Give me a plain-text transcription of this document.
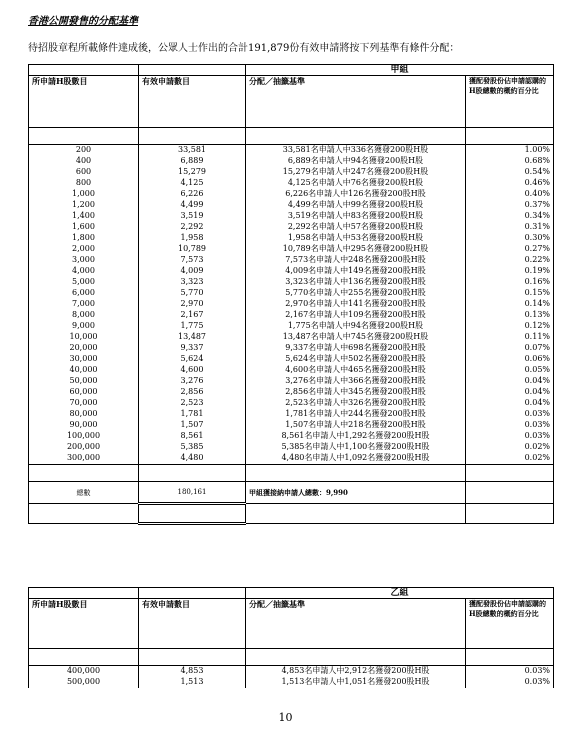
香港公開發售的分配基準
待招股章程所載條件達成後，公眾人士作出的合計191,879份有效申請將按下列基準有條件分配：
		甲組	
所申請H股數目	有效申請數目	分配／抽籤基準	獲配發股份佔申請認購的H股總數的概約百分比

200	33,581	33,581名申請人中336名獲發200股H股	1.00%
400	6,889	6,889名申請人中94名獲發200股H股	0.68%
600	15,279	15,279名申請人中247名獲發200股H股	0.54%
800	4,125	4,125名申請人中76名獲發200股H股	0.46%
1,000	6,226	6,226名申請人中126名獲發200股H股	0.40%
1,200	4,499	4,499名申請人中99名獲發200股H股	0.37%
1,400	3,519	3,519名申請人中83名獲發200股H股	0.34%
1,600	2,292	2,292名申請人中57名獲發200股H股	0.31%
1,800	1,958	1,958名申請人中53名獲發200股H股	0.30%
2,000	10,789	10,789名申請人中295名獲發200股H股	0.27%
3,000	7,573	7,573名申請人中248名獲發200股H股	0.22%
4,000	4,009	4,009名申請人中149名獲發200股H股	0.19%
5,000	3,323	3,323名申請人中136名獲發200股H股	0.16%
6,000	5,770	5,770名申請人中255名獲發200股H股	0.15%
7,000	2,970	2,970名申請人中141名獲發200股H股	0.14%
8,000	2,167	2,167名申請人中109名獲發200股H股	0.13%
9,000	1,775	1,775名申請人中94名獲發200股H股	0.12%
10,000	13,487	13,487名申請人中745名獲發200股H股	0.11%
20,000	9,337	9,337名申請人中698名獲發200股H股	0.07%
30,000	5,624	5,624名申請人中502名獲發200股H股	0.06%
40,000	4,600	4,600名申請人中465名獲發200股H股	0.05%
50,000	3,276	3,276名申請人中366名獲發200股H股	0.04%
60,000	2,856	2,856名申請人中345名獲發200股H股	0.04%
70,000	2,523	2,523名申請人中326名獲發200股H股	0.04%
80,000	1,781	1,781名申請人中244名獲發200股H股	0.03%
90,000	1,507	1,507名申請人中218名獲發200股H股	0.03%
100,000	8,561	8,561名申請人中1,292名獲發200股H股	0.03%
200,000	5,385	5,385名申請人中1,100名獲發200股H股	0.02%
300,000	4,480	4,480名申請人中1,092名獲發200股H股	0.02%

總數	180,161	甲組獲接納申請人總數：9,990	

		乙組	
所申請H股數目	有效申請數目	分配／抽籤基準	獲配發股份佔申請認購的H股總數的概約百分比

400,000	4,853	4,853名申請人中2,912名獲發200股H股	0.03%
500,000	1,513	1,513名申請人中1,051名獲發200股H股	0.03%
10
